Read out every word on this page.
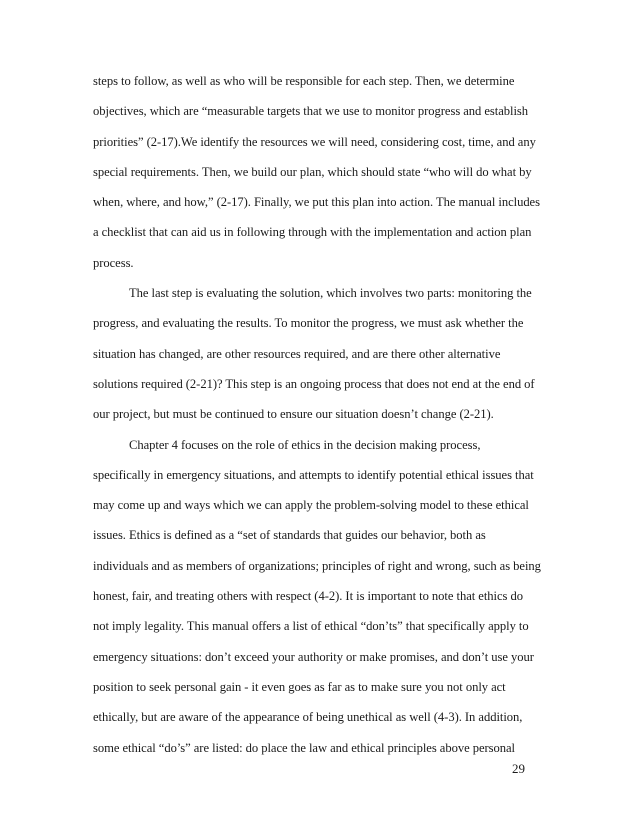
steps to follow, as well as who will be responsible for each step. Then, we determine
objectives, which are “measurable targets that we use to monitor progress and establish
priorities” (2-17).We identify the resources we will need, considering cost, time, and any
special requirements. Then, we build our plan, which should state “who will do what by
when, where, and how,” (2-17). Finally, we put this plan into action. The manual includes
a checklist that can aid us in following through with the implementation and action plan
process.
The last step is evaluating the solution, which involves two parts: monitoring the
progress, and evaluating the results. To monitor the progress, we must ask whether the
situation has changed, are other resources required, and are there other alternative
solutions required (2-21)? This step is an ongoing process that does not end at the end of
our project, but must be continued to ensure our situation doesn’t change (2-21).
Chapter 4 focuses on the role of ethics in the decision making process,
specifically in emergency situations, and attempts to identify potential ethical issues that
may come up and ways which we can apply the problem-solving model to these ethical
issues. Ethics is defined as a “set of standards that guides our behavior, both as
individuals and as members of organizations; principles of right and wrong, such as being
honest, fair, and treating others with respect (4-2). It is important to note that ethics do
not imply legality. This manual offers a list of ethical “don’ts” that specifically apply to
emergency situations: don’t exceed your authority or make promises, and don’t use your
position to seek personal gain - it even goes as far as to make sure you not only act
ethically, but are aware of the appearance of being unethical as well (4-3). In addition,
some ethical “do’s” are listed: do place the law and ethical principles above personal
29
